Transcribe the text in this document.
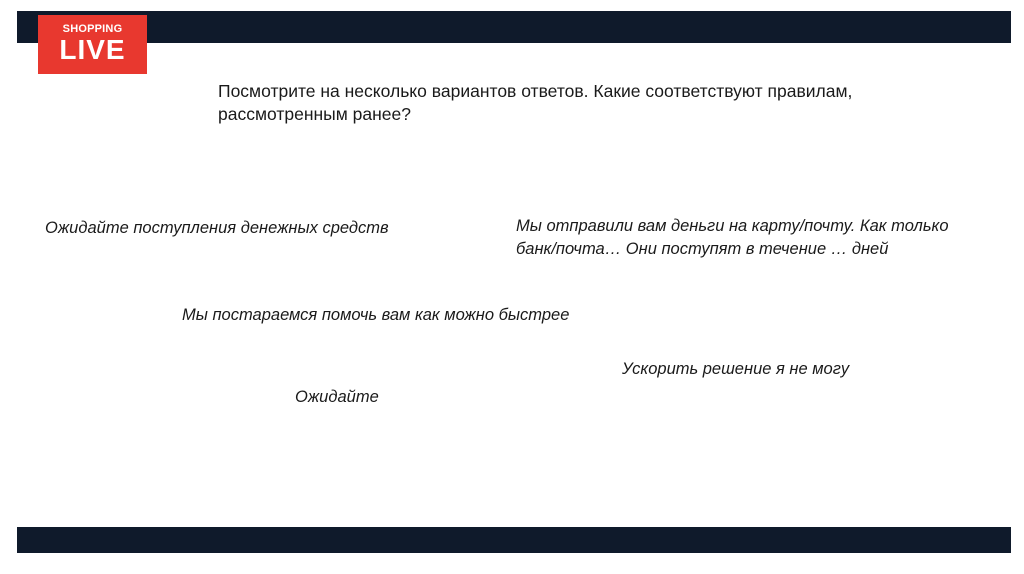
SHOPPING
LIVE
Посмотрите на несколько вариантов ответов. Какие соответствуют правилам, рассмотренным ранее?
Ожидайте поступления денежных средств	Мы отправили вам деньги на карту/почту. Как только банк/почта… Они поступят в течение … дней
Мы постараемся помочь вам как можно быстрее
Ускорить решение я не могу
Ожидайте
